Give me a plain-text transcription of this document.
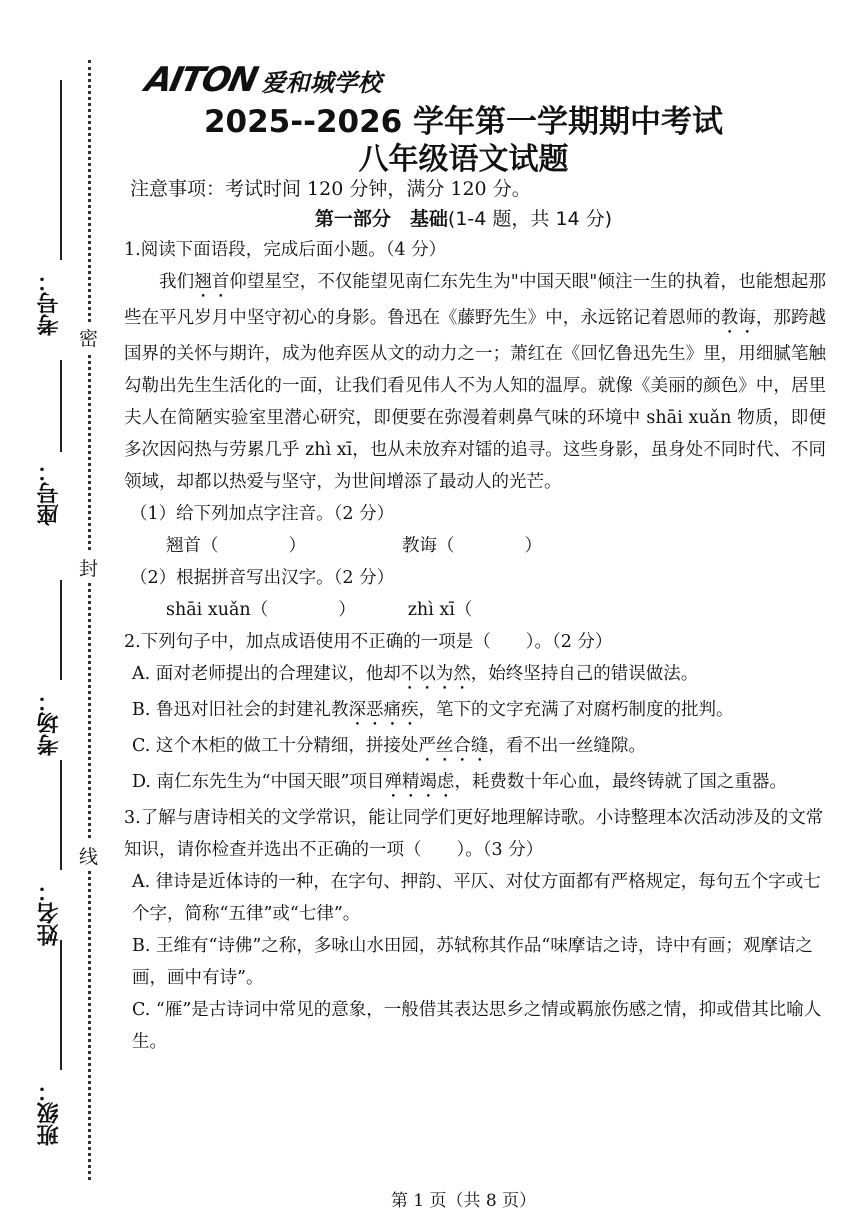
密
封
线
考号：
座号：
考场：
姓名：
班级：
AITON 爱和城学校
2025--2026 学年第一学期期中考试
八年级语文试题
注意事项：考试时间 120 分钟，满分 120 分。
第一部分　基础(1-4 题，共 14 分)

1.阅读下面语段，完成后面小题。（4 分）

我们翘首仰望星空，不仅能望见南仁东先生为"中国天眼"倾注一生的执着，也能想起那些在平凡岁月中坚守初心的身影。鲁迅在《藤野先生》中，永远铭记着恩师的教诲，那跨越国界的关怀与期许，成为他弃医从文的动力之一；萧红在《回忆鲁迅先生》里，用细腻笔触勾勒出先生生活化的一面，让我们看见伟人不为人知的温厚。就像《美丽的颜色》中，居里夫人在简陋实验室里潜心研究，即便要在弥漫着刺鼻气味的环境中 shāi xuǎn 物质，即便多次因闷热与劳累几乎 zhì xī，也从未放弃对镭的追寻。这些身影，虽身处不同时代、不同领域，却都以热爱与坚守，为世间增添了最动人的光芒。

（1）给下列加点字注音。（2 分）

翘首（	）	教诲（	）

（2）根据拼音写出汉字。（2 分）

shāi xuǎn（	）	zhì xī（

2.下列句子中，加点成语使用不正确的一项是（　　）。（2 分）

A. 面对老师提出的合理建议，他却不以为然，始终坚持自己的错误做法。

B. 鲁迅对旧社会的封建礼教深恶痛疾，笔下的文字充满了对腐朽制度的批判。

C. 这个木柜的做工十分精细，拼接处严丝合缝，看不出一丝缝隙。

D. 南仁东先生为“中国天眼”项目殚精竭虑，耗费数十年心血，最终铸就了国之重器。

3.了解与唐诗相关的文学常识，能让同学们更好地理解诗歌。小诗整理本次活动涉及的文常知识，请你检查并选出不正确的一项（　　）。（3 分）

A. 律诗是近体诗的一种，在字句、押韵、平仄、对仗方面都有严格规定，每句五个字或七个字，简称“五律”或“七律”。

B. 王维有“诗佛”之称，多咏山水田园，苏轼称其作品“味摩诘之诗，诗中有画；观摩诘之画，画中有诗”。

C. “雁”是古诗词中常见的意象，一般借其表达思乡之情或羁旅伤感之情，抑或借其比喻人生。

第 1 页（共 8 页）
